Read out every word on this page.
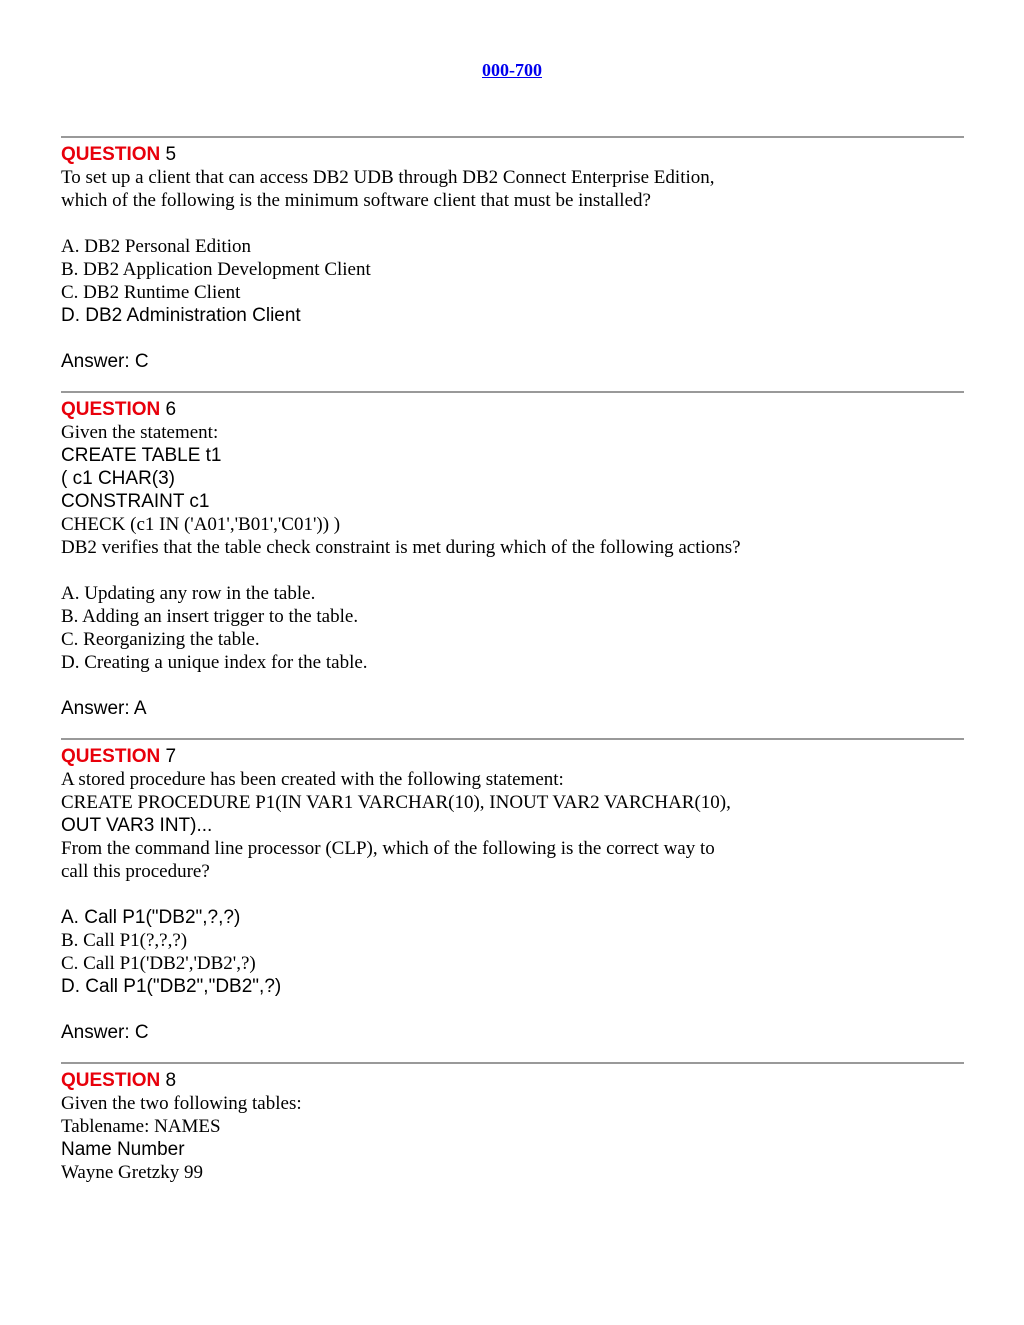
000-700
QUESTION 5
To set up a client that can access DB2 UDB through DB2 Connect Enterprise Edition,
which of the following is the minimum software client that must be installed?
A. DB2 Personal Edition
B. DB2 Application Development Client
C. DB2 Runtime Client
D. DB2 Administration Client
Answer: C
QUESTION 6
Given the statement:
CREATE TABLE t1
( c1 CHAR(3)
CONSTRAINT c1
CHECK (c1 IN ('A01','B01','C01')) )
DB2 verifies that the table check constraint is met during which of the following actions?
A. Updating any row in the table.
B. Adding an insert trigger to the table.
C. Reorganizing the table.
D. Creating a unique index for the table.
Answer: A
QUESTION 7
A stored procedure has been created with the following statement:
CREATE PROCEDURE P1(IN VAR1 VARCHAR(10), INOUT VAR2 VARCHAR(10),
OUT VAR3 INT)...
From the command line processor (CLP), which of the following is the correct way to
call this procedure?
A. Call P1("DB2",?,?)
B. Call P1(?,?,?)
C. Call P1('DB2','DB2',?)
D. Call P1("DB2","DB2",?)
Answer: C
QUESTION 8
Given the two following tables:
Tablename: NAMES
Name Number
Wayne Gretzky 99
